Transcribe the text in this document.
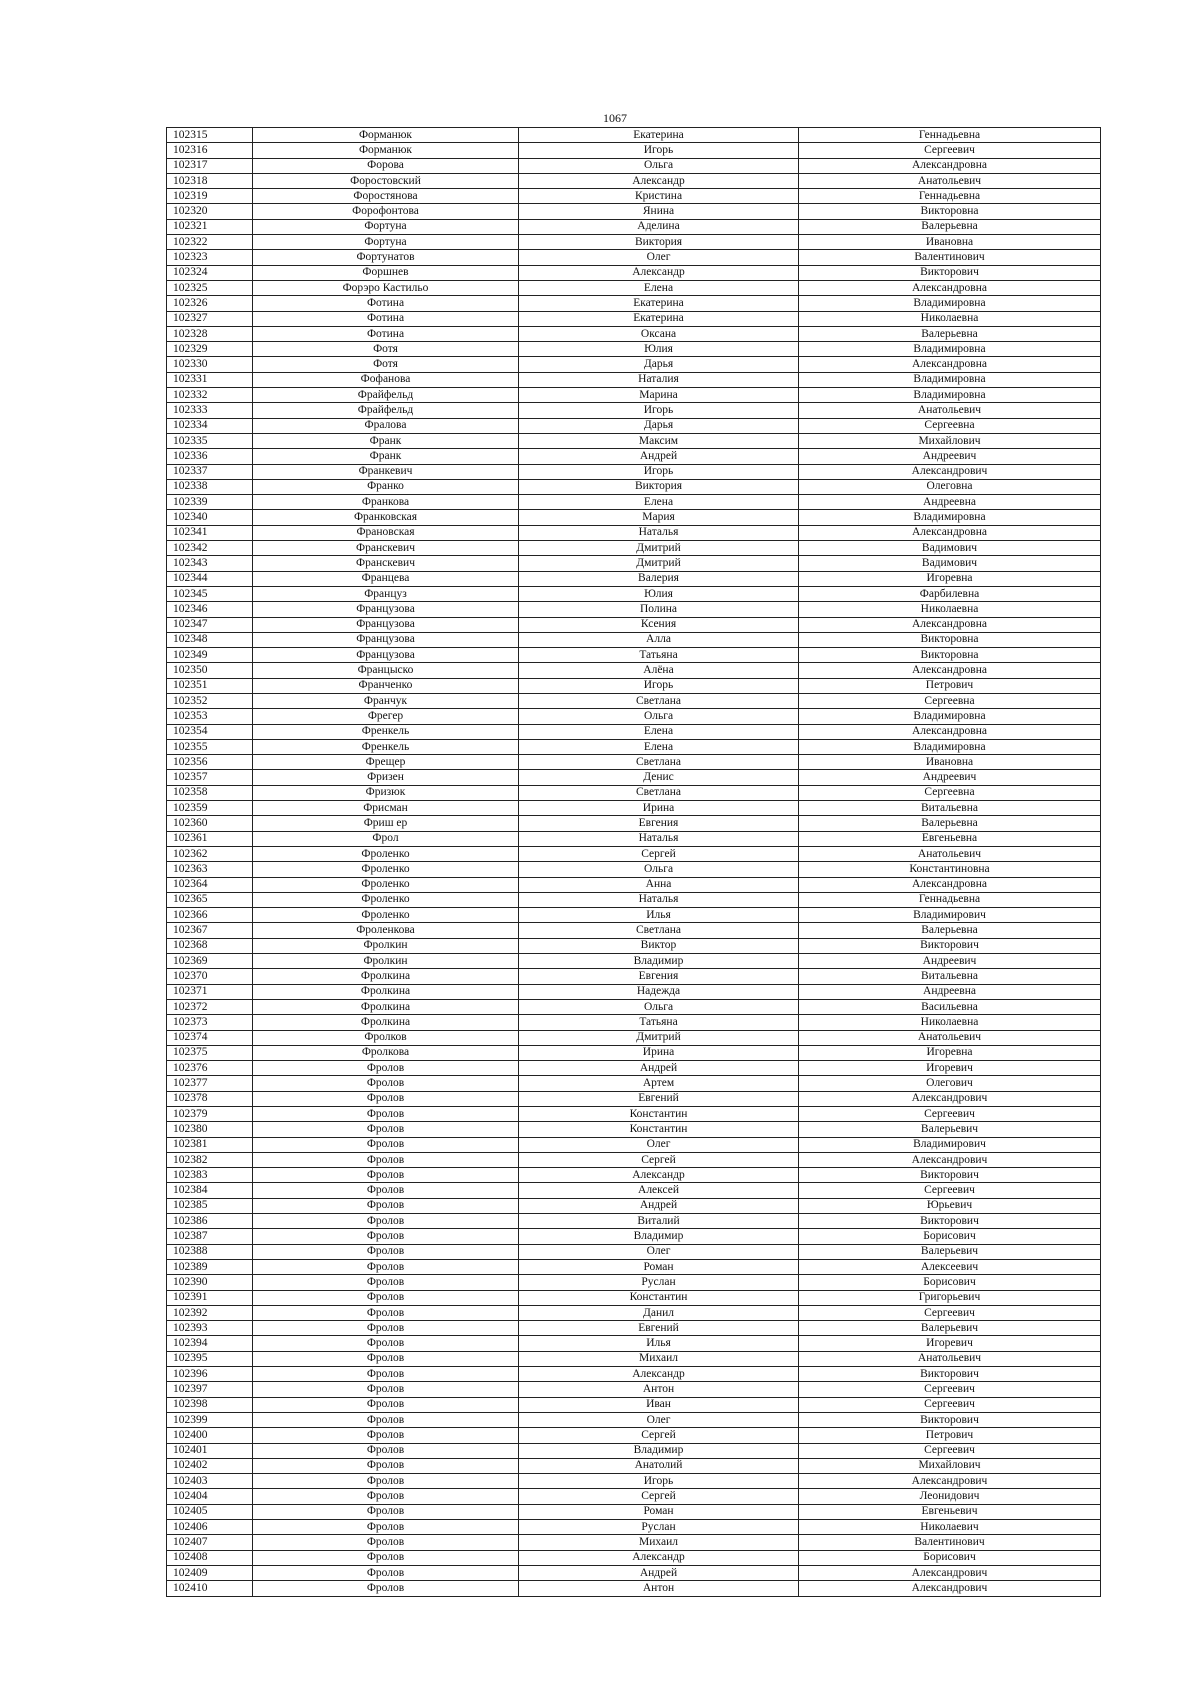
1067
102315	Форманюк	Екатерина	Геннадьевна
102316	Форманюк	Игорь	Сергеевич
102317	Форова	Ольга	Александровна
102318	Форостовский	Александр	Анатольевич
102319	Форостянова	Кристина	Геннадьевна
102320	Форофонтова	Янина	Викторовна
102321	Фортуна	Аделина	Валерьевна
102322	Фортуна	Виктория	Ивановна
102323	Фортунатов	Олег	Валентинович
102324	Форшнев	Александр	Викторович
102325	Форэро Кастильо	Елена	Александровна
102326	Фотина	Екатерина	Владимировна
102327	Фотина	Екатерина	Николаевна
102328	Фотина	Оксана	Валерьевна
102329	Фотя	Юлия	Владимировна
102330	Фотя	Дарья	Александровна
102331	Фофанова	Наталия	Владимировна
102332	Фрайфельд	Марина	Владимировна
102333	Фрайфельд	Игорь	Анатольевич
102334	Фралова	Дарья	Сергеевна
102335	Франк	Максим	Михайлович
102336	Франк	Андрей	Андреевич
102337	Франкевич	Игорь	Александрович
102338	Франко	Виктория	Олеговна
102339	Франкова	Елена	Андреевна
102340	Франковская	Мария	Владимировна
102341	Франовская	Наталья	Александровна
102342	Франскевич	Дмитрий	Вадимович
102343	Франскевич	Дмитрий	Вадимович
102344	Францева	Валерия	Игоревна
102345	Француз	Юлия	Фарбилевна
102346	Французова	Полина	Николаевна
102347	Французова	Ксения	Александровна
102348	Французова	Алла	Викторовна
102349	Французова	Татьяна	Викторовна
102350	Францыско	Алёна	Александровна
102351	Франченко	Игорь	Петрович
102352	Франчук	Светлана	Сергеевна
102353	Фрегер	Ольга	Владимировна
102354	Френкель	Елена	Александровна
102355	Френкель	Елена	Владимировна
102356	Фрещер	Светлана	Ивановна
102357	Фризен	Денис	Андреевич
102358	Фризюк	Светлана	Сергеевна
102359	Фрисман	Ирина	Витальевна
102360	Фриш ер	Евгения	Валерьевна
102361	Фрол	Наталья	Евгеньевна
102362	Фроленко	Сергей	Анатольевич
102363	Фроленко	Ольга	Константиновна
102364	Фроленко	Анна	Александровна
102365	Фроленко	Наталья	Геннадьевна
102366	Фроленко	Илья	Владимирович
102367	Фроленкова	Светлана	Валерьевна
102368	Фролкин	Виктор	Викторович
102369	Фролкин	Владимир	Андреевич
102370	Фролкина	Евгения	Витальевна
102371	Фролкина	Надежда	Андреевна
102372	Фролкина	Ольга	Васильевна
102373	Фролкина	Татьяна	Николаевна
102374	Фролков	Дмитрий	Анатольевич
102375	Фролкова	Ирина	Игоревна
102376	Фролов	Андрей	Игоревич
102377	Фролов	Артем	Олегович
102378	Фролов	Евгений	Александрович
102379	Фролов	Константин	Сергеевич
102380	Фролов	Константин	Валерьевич
102381	Фролов	Олег	Владимирович
102382	Фролов	Сергей	Александрович
102383	Фролов	Александр	Викторович
102384	Фролов	Алексей	Сергеевич
102385	Фролов	Андрей	Юрьевич
102386	Фролов	Виталий	Викторович
102387	Фролов	Владимир	Борисович
102388	Фролов	Олег	Валерьевич
102389	Фролов	Роман	Алексеевич
102390	Фролов	Руслан	Борисович
102391	Фролов	Константин	Григорьевич
102392	Фролов	Данил	Сергеевич
102393	Фролов	Евгений	Валерьевич
102394	Фролов	Илья	Игоревич
102395	Фролов	Михаил	Анатольевич
102396	Фролов	Александр	Викторович
102397	Фролов	Антон	Сергеевич
102398	Фролов	Иван	Сергеевич
102399	Фролов	Олег	Викторович
102400	Фролов	Сергей	Петрович
102401	Фролов	Владимир	Сергеевич
102402	Фролов	Анатолий	Михайлович
102403	Фролов	Игорь	Александрович
102404	Фролов	Сергей	Леонидович
102405	Фролов	Роман	Евгеньевич
102406	Фролов	Руслан	Николаевич
102407	Фролов	Михаил	Валентинович
102408	Фролов	Александр	Борисович
102409	Фролов	Андрей	Александрович
102410	Фролов	Антон	Александрович
